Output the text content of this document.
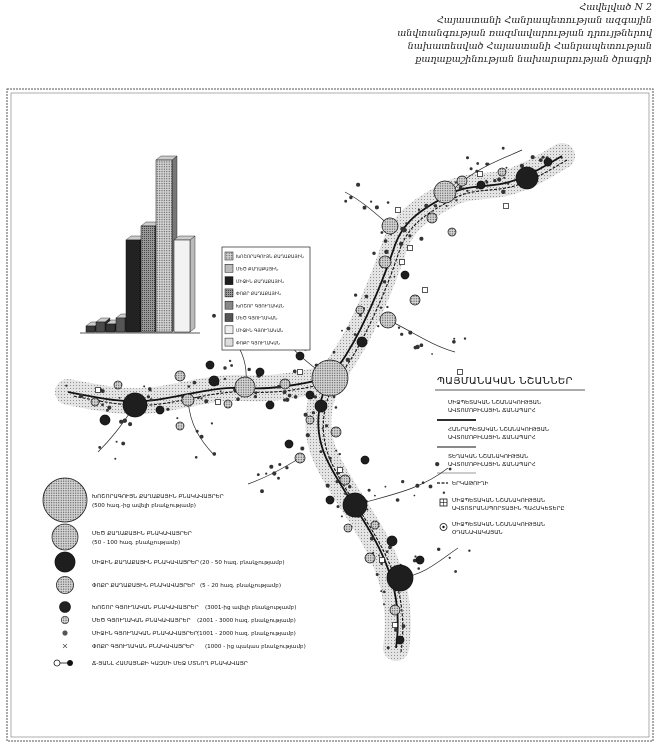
Հավելված N 2
Հայաստանի Հանրապետության ազգային
անվտանգության ռազմավարության դրույթներով
նախատեսված Հայաստանի Հանրապետության
քաղաքաշինության նախարարության ծրագրի
ԽՈՇՈՐԱԳՈՒՅՆ ՔԱՂԱՔԱՅԻՆ
ՄԵԾ ՔԱՂԱՔԱՅԻՆ
ՄԻՋԻՆ ՔԱՂԱՔԱՅԻՆ
ՓՈՔՐ ՔԱՂԱՔԱՅԻՆ
ԽՈՇՈՐ ԳՅՈՒՂԱԿԱՆ
ՄԵԾ ԳՅՈՒՂԱԿԱՆ
ՄԻՋԻՆ ԳՅՈՒՂԱԿԱՆ
ՓՈՔՐ ԳՅՈՒՂԱԿԱՆ
ՊԱՅՄԱՆԱԿԱՆ ՆՇԱՆՆԵՐ
ՄԻՋՊԵՏԱԿԱՆ ՆՇԱՆԱԿՈՒԹՅԱՆ
ԱՎՏՈՄՈԲԻԼԱՅԻՆ ՃԱՆԱՊԱՐՀ
ՀԱՆՐԱՊԵՏԱԿԱՆ ՆՇԱՆԱԿՈՒԹՅԱՆ
ԱՎՏՈՄՈԲԻԼԱՅԻՆ ՃԱՆԱՊԱՐՀ
ՏԵՂԱԿԱՆ ՆՇԱՆԱԿՈՒԹՅԱՆ
ԱՎՏՈՄՈԲԻԼԱՅԻՆ ՃԱՆԱՊԱՐՀ
ԵՐԿԱԹՈՒՂԻ
ՄԻՋՊԵՏԱԿԱՆ ՆՇԱՆԱԿՈՒԹՅԱՆ
ԱՎՏՈՏՐԱՆՍՊՈՐՏԱՅԻՆ ՊԱՀԱԿԵՏԵՐԸ
ՄԻՋՊԵՏԱԿԱՆ ՆՇԱՆԱԿՈՒԹՅԱՆ
ՕԴԱՆԱՎԱԿԱՅԱՆ
ԽՈՇՈՐԱԳՈՒՅՆ ՔԱՂԱՔԱՅԻՆ ԲՆԱԿԱՎԱՅՐԵՐ
(500 հազ.-ից ավելի բնակչությամբ)
ՄԵԾ ՔԱՂԱՔԱՅԻՆ ԲՆԱԿԱՎԱՅՐԵՐ
(50 - 100 հազ. բնակչությամբ)
ՄԻՋԻՆ ՔԱՂԱՔԱՅԻՆ ԲՆԱԿԱՎԱՅՐԵՐ (20 - 50 հազ. բնակչությամբ)
ՓՈՔՐ ՔԱՂԱՔԱՅԻՆ ԲՆԱԿԱՎԱՅՐԵՐ (5 - 20 հազ. բնակչությամբ)
ԽՈՇՈՐ ԳՅՈՒՂԱԿԱՆ ԲՆԱԿԱՎԱՅՐԵՐ (3001-ից ավելի բնակչությամբ)
ՄԵԾ ԳՅՈՒՂԱԿԱՆ ԲՆԱԿԱՎԱՅՐԵՐ (2001 - 3000 հազ. բնակչությամբ)
ՄԻՋԻՆ ԳՅՈՒՂԱԿԱՆ ԲՆԱԿԱՎԱՅՐԵՐ (1001 - 2000 հազ. բնակչությամբ)
ՓՈՔՐ ԳՅՈՒՂԱԿԱՆ ԲՆԱԿԱՎԱՅՐԵՐ (1000 - ից պակաս բնակչությամբ)
Ճ-ՅԱՆԼ ՀԱՄԱՅՆՔԻ ԿԱԶՄԻ ՄԵՋ ՄՏՆՈՂ ԲՆԱԿԱՎԱՅՐ
